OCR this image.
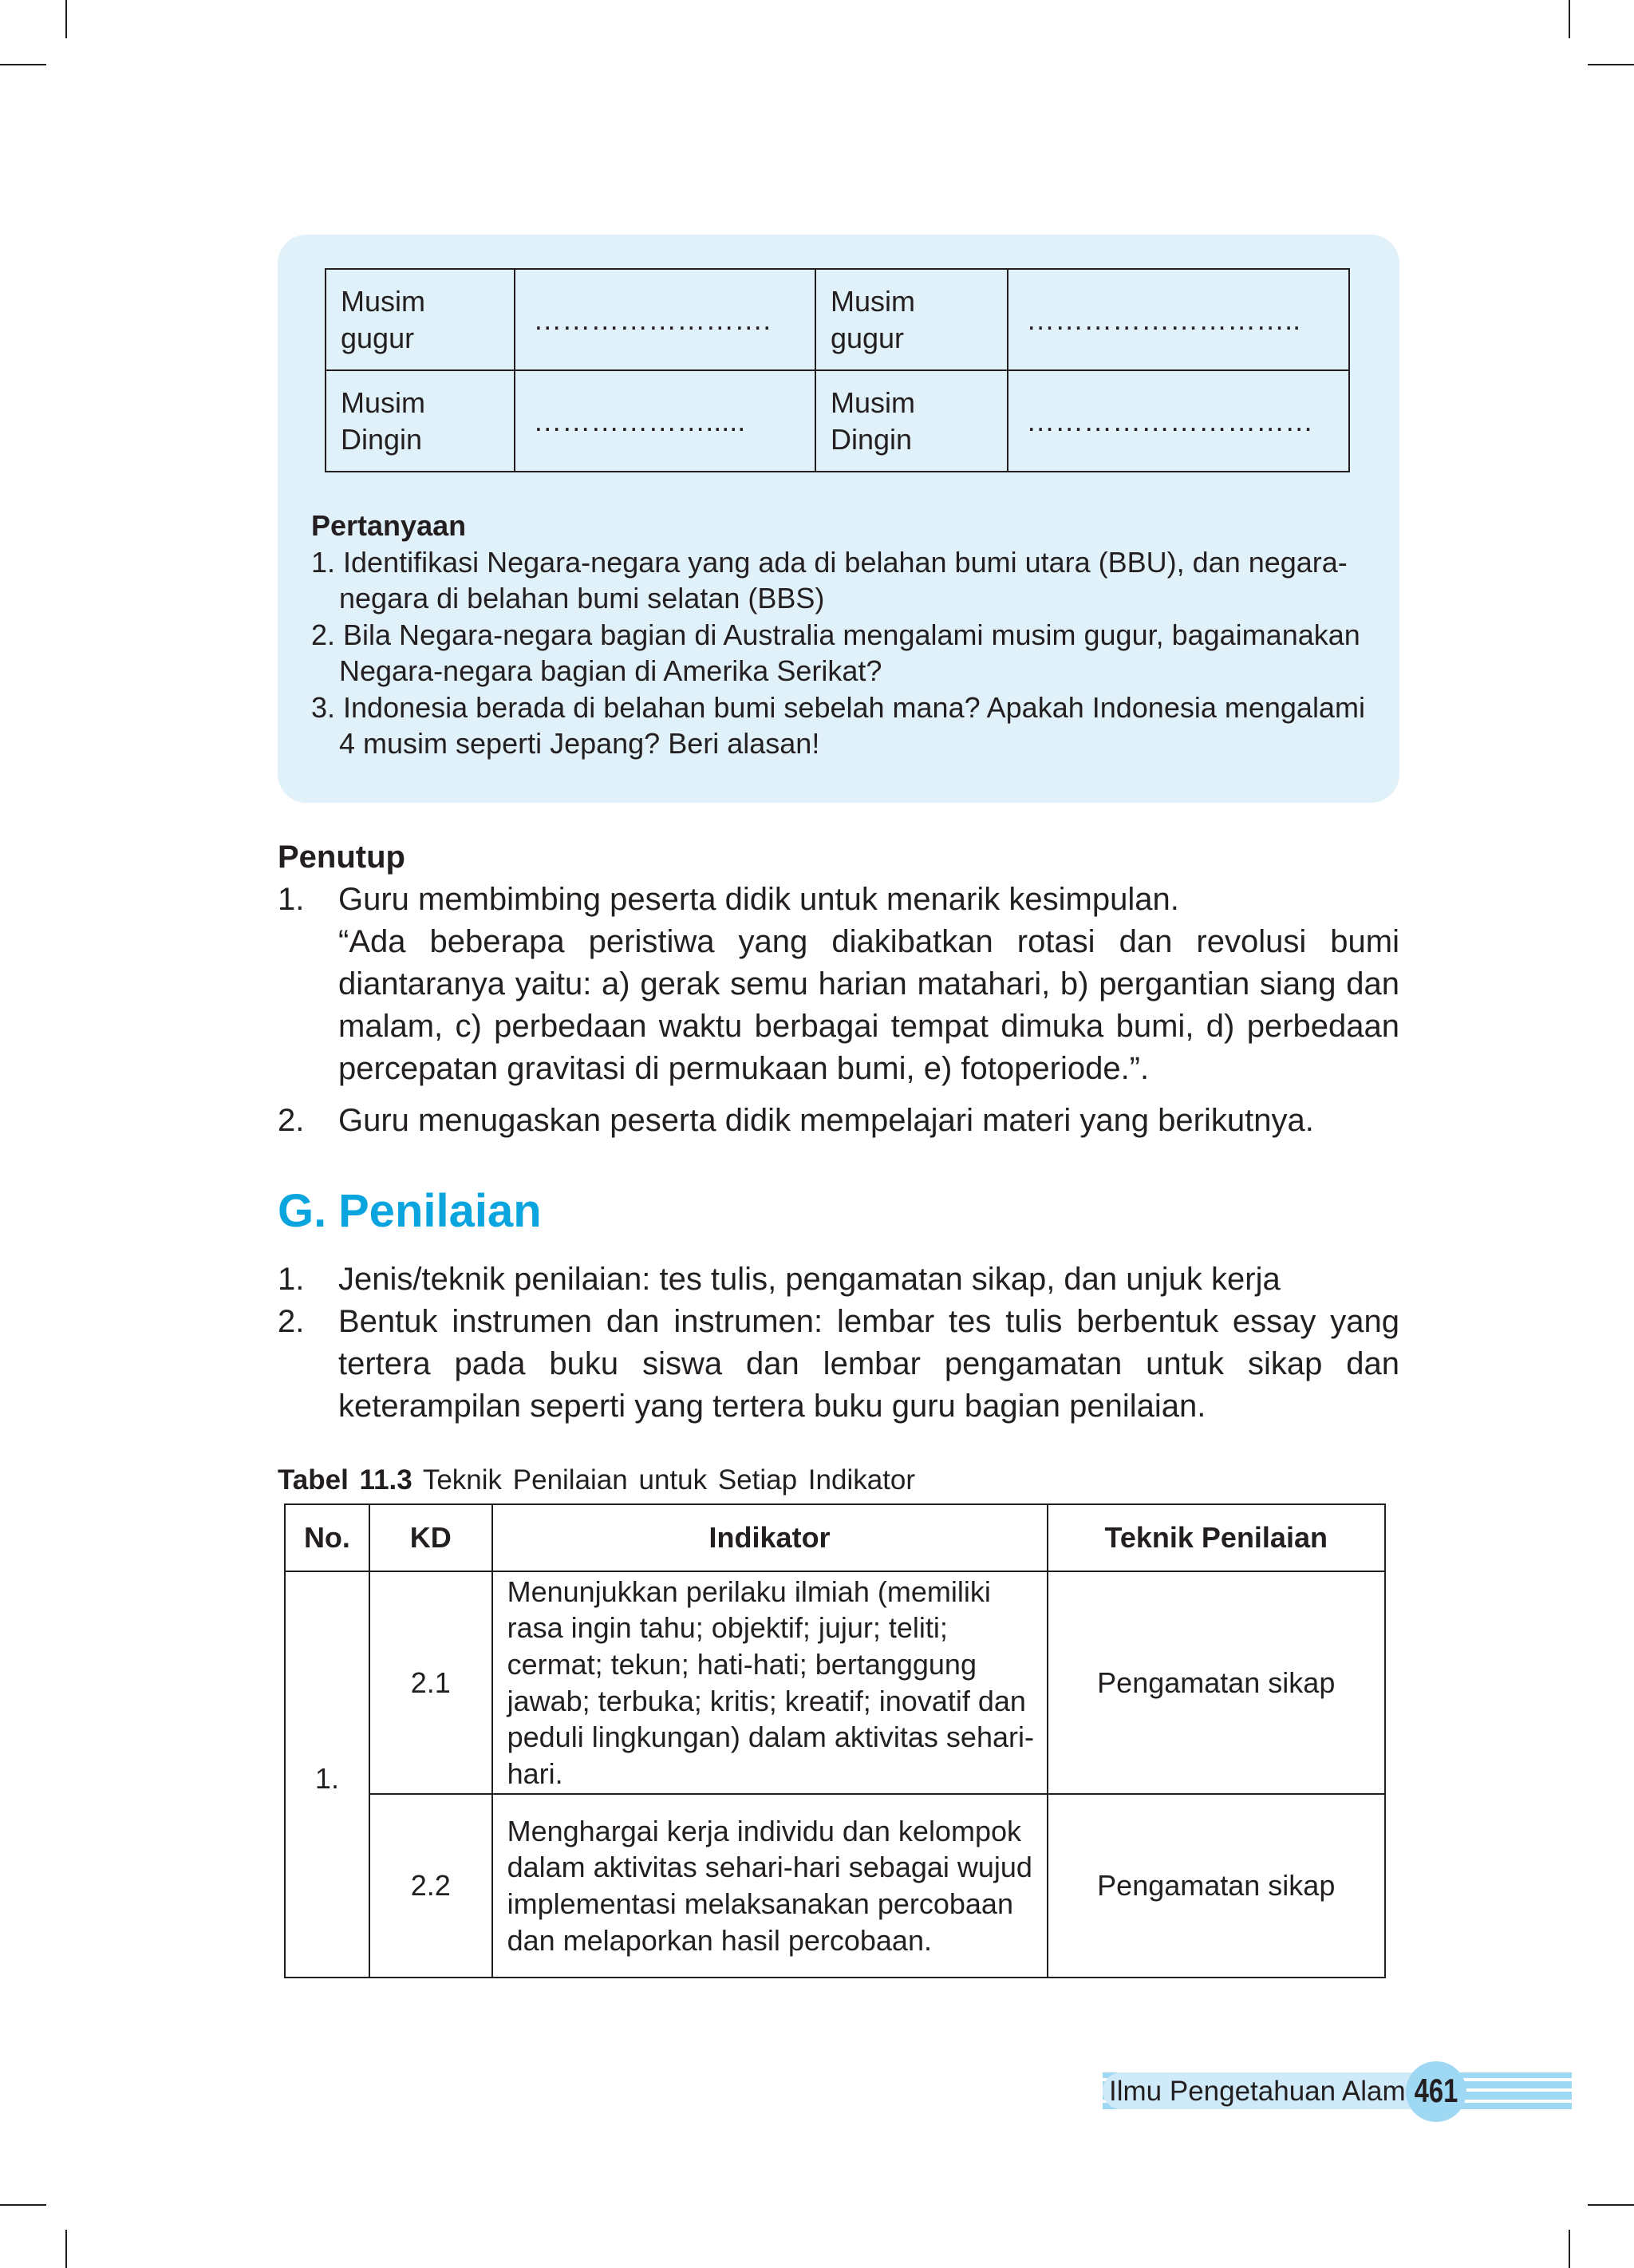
Musim gugur	…………………….	Musim gugur	………………………..
Musim Dingin	……………….....	Musim Dingin	…………………………
Pertanyaan
1. Identifikasi Negara-negara yang ada di belahan bumi utara (BBU), dan negara-negara di belahan bumi selatan (BBS)
2. Bila Negara-negara bagian di Australia mengalami musim gugur, bagaimanakan Negara-negara bagian di Amerika Serikat?
3. Indonesia berada di belahan bumi sebelah mana? Apakah Indonesia mengalami 4 musim seperti Jepang? Beri alasan!
Penutup
1.	Guru membimbing peserta didik untuk menarik kesimpulan.
“Ada beberapa peristiwa yang diakibatkan rotasi dan revolusi bumi diantaranya yaitu: a) gerak semu harian matahari, b) pergantian siang dan malam, c) perbedaan waktu berbagai tempat dimuka bumi, d) perbedaan percepatan gravitasi di permukaan bumi, e) fotoperiode.”.
2.	Guru menugaskan peserta didik mempelajari materi yang berikutnya.
G. Penilaian
1.	Jenis/teknik penilaian: tes tulis, pengamatan sikap, dan unjuk kerja
2.	Bentuk instrumen dan instrumen: lembar tes tulis berbentuk essay yang tertera pada buku siswa dan lembar pengamatan untuk sikap dan keterampilan seperti yang tertera buku guru bagian penilaian.
Tabel 11.3 Teknik Penilaian untuk Setiap Indikator
No.	KD	Indikator	Teknik Penilaian
1.	2.1	Menunjukkan perilaku ilmiah (memiliki rasa ingin tahu; objektif; jujur; teliti; cermat; tekun; hati-hati; bertanggung jawab; terbuka; kritis; kreatif; inovatif dan peduli lingkungan) dalam aktivitas sehari-hari.	Pengamatan sikap
	2.2	Menghargai kerja individu dan kelompok dalam aktivitas sehari-hari sebagai wujud implementasi melaksanakan percobaan dan melaporkan hasil percobaan.	Pengamatan sikap
Ilmu Pengetahuan Alam 461
